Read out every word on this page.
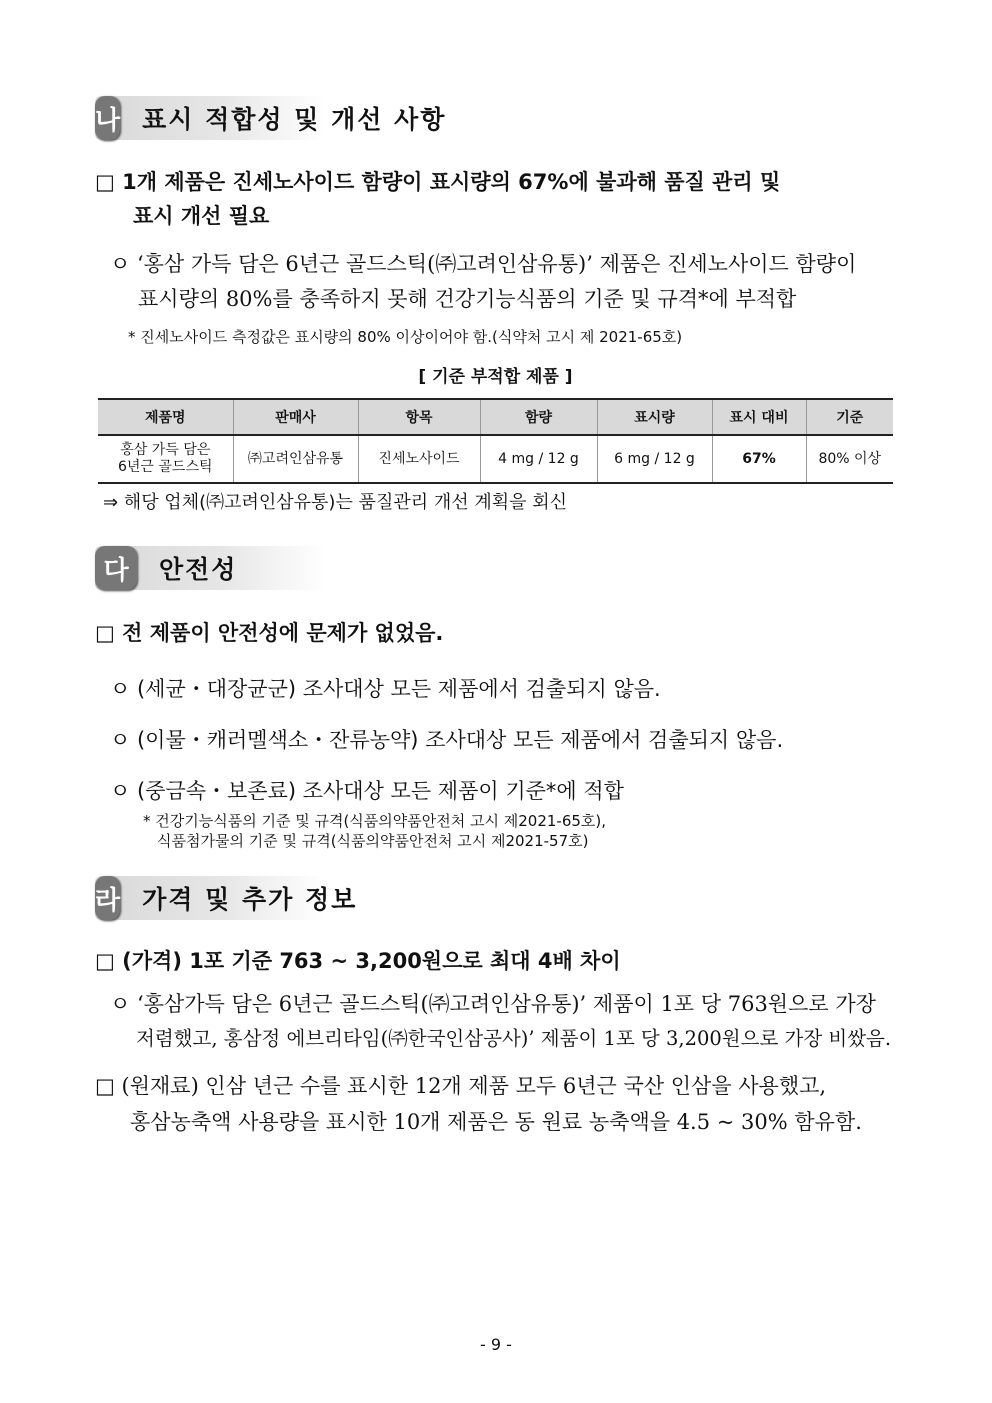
나 표시 적합성 및 개선 사항
□ 1개 제품은 진세노사이드 함량이 표시량의 67%에 불과해 품질 관리 및
표시 개선 필요
ㅇ ‘홍삼 가득 담은 6년근 골드스틱(㈜고려인삼유통)’ 제품은 진세노사이드 함량이
표시량의 80%를 충족하지 못해 건강기능식품의 기준 및 규격*에 부적합
* 진세노사이드 측정값은 표시량의 80% 이상이어야 함.(식약처 고시 제 2021-65호)
[ 기준 부적합 제품 ]
제품명	판매사	항목	함량	표시량	표시 대비	기준

홍삼 가득 담은
6년근 골드스틱	㈜고려인삼유통	진세노사이드	4 mg / 12 g	6 mg / 12 g	67%	80% 이상
⇒ 해당 업체(㈜고려인삼유통)는 품질관리 개선 계획을 회신
다	안전성
□ 전 제품이 안전성에 문제가 없었음.
ㅇ (세균・대장균군) 조사대상 모든 제품에서 검출되지 않음.
ㅇ (이물・캐러멜색소・잔류농약) 조사대상 모든 제품에서 검출되지 않음.
ㅇ (중금속・보존료) 조사대상 모든 제품이 기준*에 적합
* 건강기능식품의 기준 및 규격(식품의약품안전처 고시 제2021-65호),
식품첨가물의 기준 및 규격(식품의약품안전처 고시 제2021-57호)
라 가격 및 추가 정보
□ (가격) 1포 기준 763 ~ 3,200원으로 최대 4배 차이
ㅇ ‘홍삼가득 담은 6년근 골드스틱(㈜고려인삼유통)’ 제품이 1포 당 763원으로 가장
저렴했고, 홍삼정 에브리타임(㈜한국인삼공사)’ 제품이 1포 당 3,200원으로 가장 비쌌음.
□ (원재료) 인삼 년근 수를 표시한 12개 제품 모두 6년근 국산 인삼을 사용했고,
홍삼농축액 사용량을 표시한 10개 제품은 동 원료 농축액을 4.5 ~ 30% 함유함.
- 9 -
